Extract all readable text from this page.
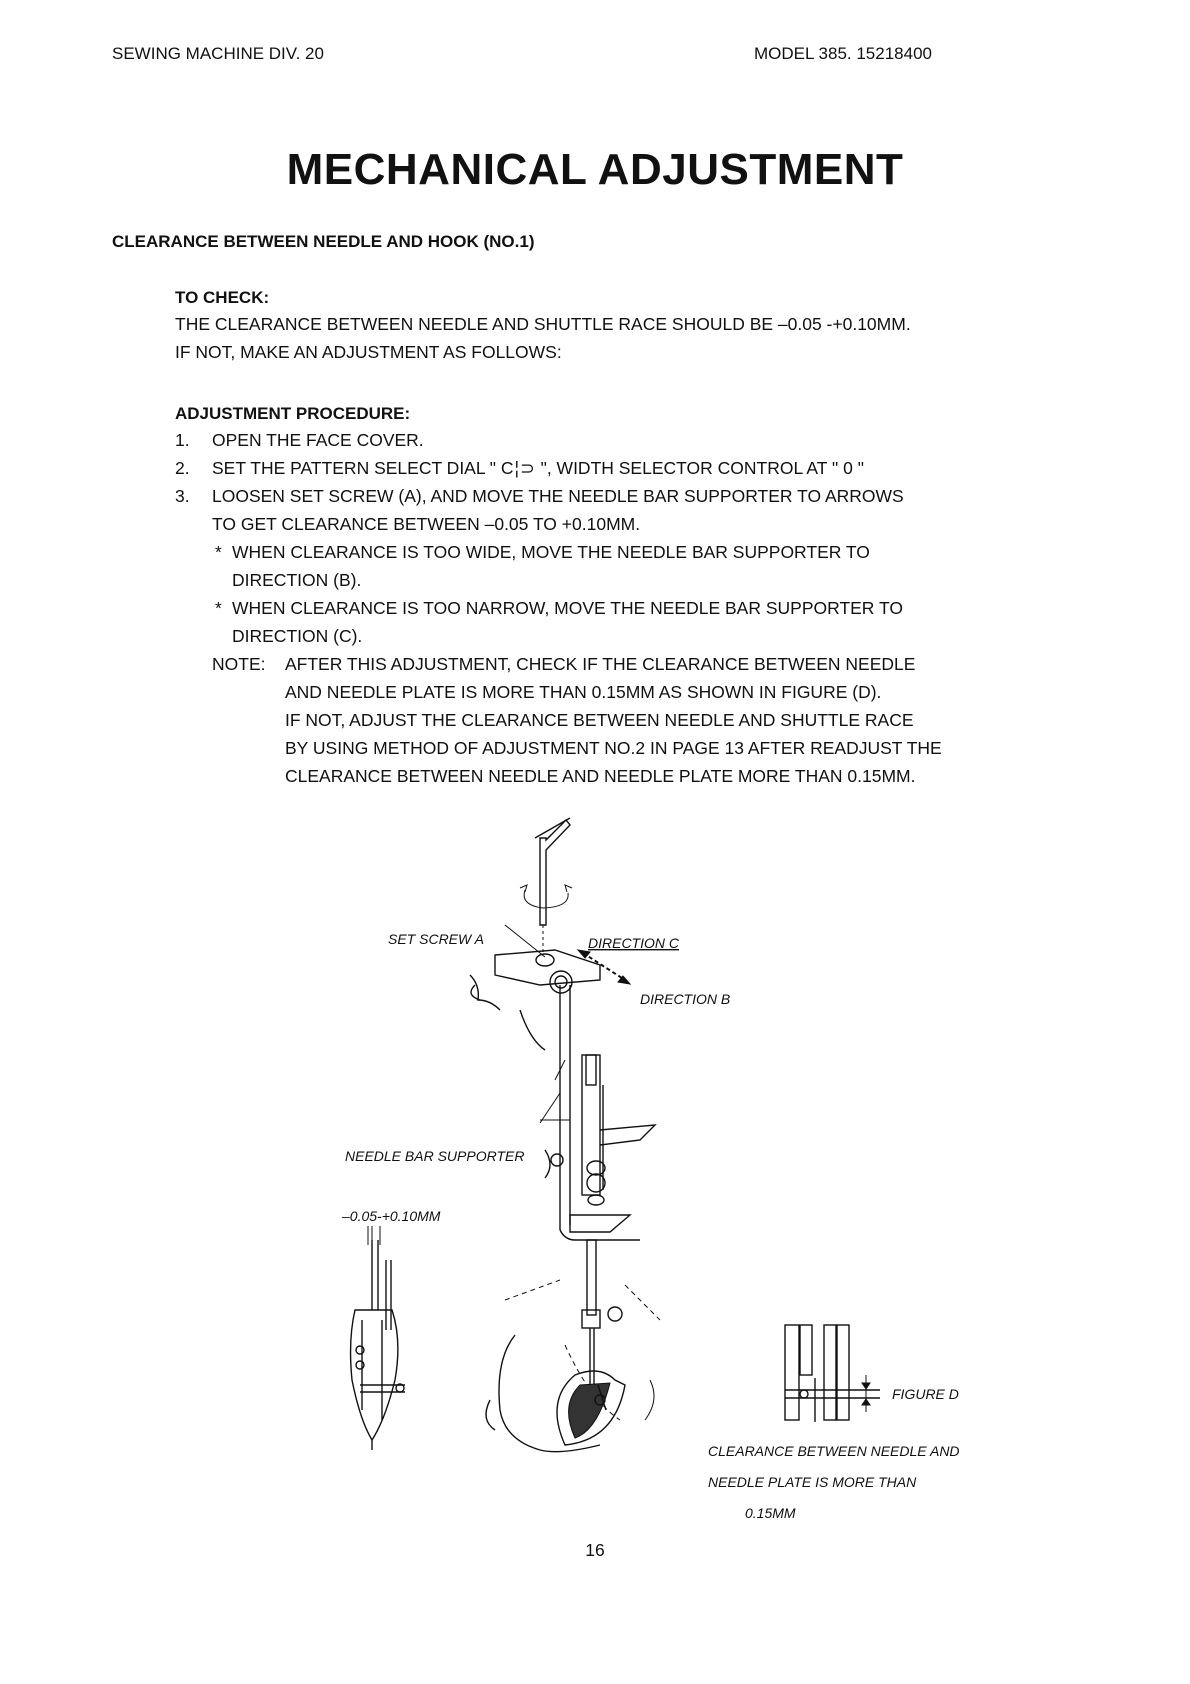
SEWING MACHINE DIV. 20	MODEL 385. 15218400
MECHANICAL ADJUSTMENT
CLEARANCE BETWEEN NEEDLE AND HOOK (NO.1)
TO CHECK:
THE CLEARANCE BETWEEN NEEDLE AND SHUTTLE RACE SHOULD BE –0.05 -+0.10MM.
IF NOT, MAKE AN ADJUSTMENT AS FOLLOWS:
ADJUSTMENT PROCEDURE:
1. OPEN THE FACE COVER.
2. SET THE PATTERN SELECT DIAL " C¦⊃ ", WIDTH SELECTOR CONTROL AT " 0 "
3. LOOSEN SET SCREW (A), AND MOVE THE NEEDLE BAR SUPPORTER TO ARROWS
TO GET CLEARANCE BETWEEN –0.05 TO +0.10MM.
* WHEN CLEARANCE IS TOO WIDE, MOVE THE NEEDLE BAR SUPPORTER TO
DIRECTION (B).
* WHEN CLEARANCE IS TOO NARROW, MOVE THE NEEDLE BAR SUPPORTER TO
DIRECTION (C).
NOTE: AFTER THIS ADJUSTMENT, CHECK IF THE CLEARANCE BETWEEN NEEDLE
AND NEEDLE PLATE IS MORE THAN 0.15MM AS SHOWN IN FIGURE (D).
IF NOT, ADJUST THE CLEARANCE BETWEEN NEEDLE AND SHUTTLE RACE
BY USING METHOD OF ADJUSTMENT NO.2 IN PAGE 13 AFTER READJUST THE
CLEARANCE BETWEEN NEEDLE AND NEEDLE PLATE MORE THAN 0.15MM.
SET SCREW A	DIRECTION C
DIRECTION B
NEEDLE BAR SUPPORTER
–0.05-+0.10MM
FIGURE D
CLEARANCE BETWEEN NEEDLE AND
NEEDLE PLATE IS MORE THAN
0.15MM
16
